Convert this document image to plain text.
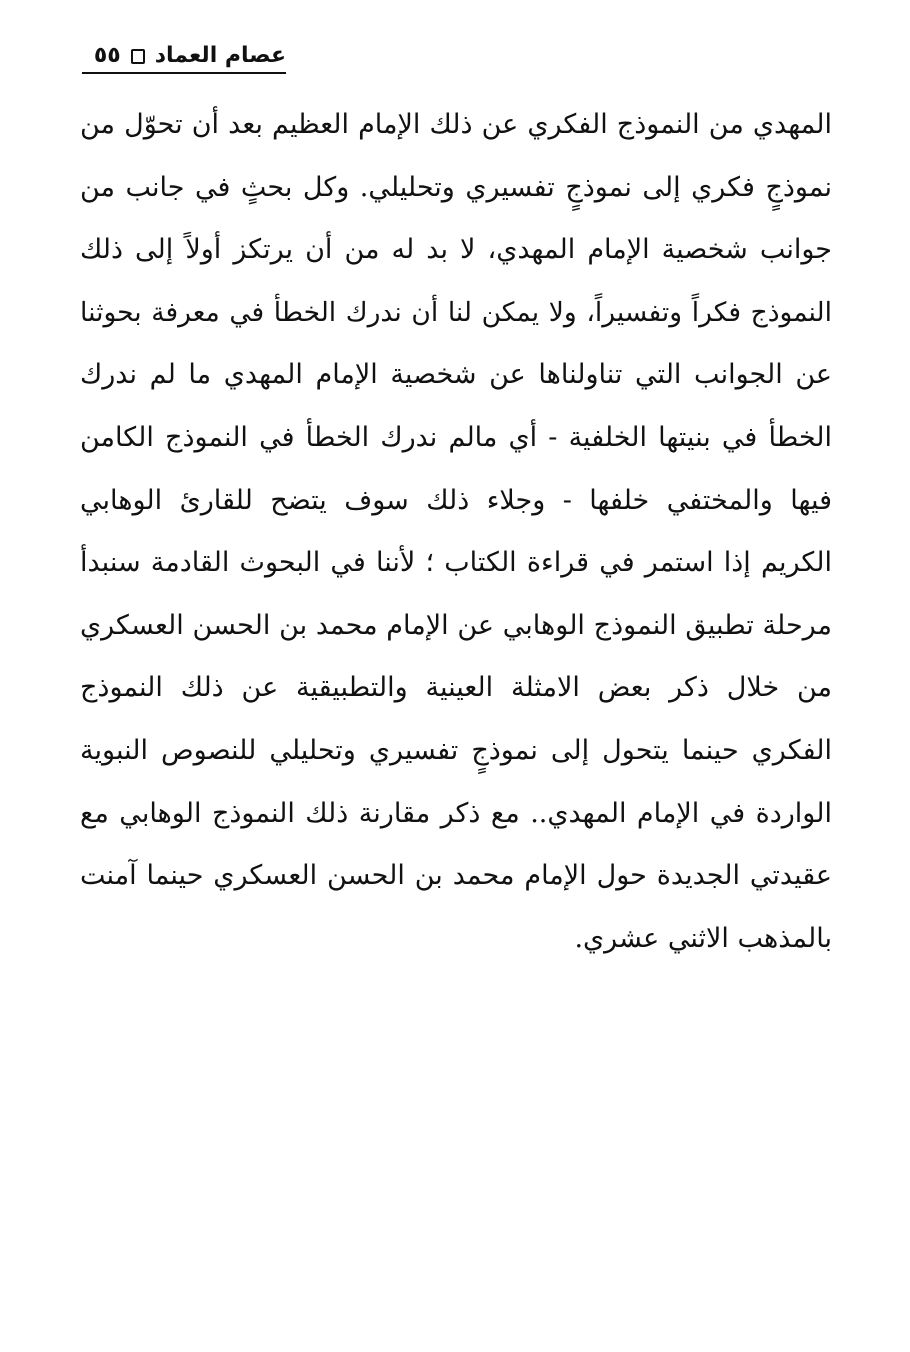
عصام العماد
٥٥
المهدي من النموذج الفكري عن ذلك الإمام العظيم بعد أن تحوّل من
نموذجٍ فكري إلى نموذجٍ تفسيري وتحليلي. وكل بحثٍ في جانب من
جوانب شخصية الإمام المهدي، لا بد له من أن يرتكز أولاً إلى ذلك
النموذج فكراً وتفسيراً، ولا يمكن لنا أن ندرك الخطأ في معرفة بحوثنا
عن الجوانب التي تناولناها عن شخصية الإمام المهدي ما لم ندرك
الخطأ في بنيتها الخلفية - أي مالم ندرك الخطأ في النموذج الكامن
فيها والمختفي خلفها - وجلاء ذلك سوف يتضح للقارئ الوهابي
الكريم إذا استمر في قراءة الكتاب ؛ لأننا في البحوث القادمة سنبدأ
مرحلة تطبيق النموذج الوهابي عن الإمام محمد بن الحسن العسكري
من خلال ذكر بعض الامثلة العينية والتطبيقية عن ذلك النموذج
الفكري حينما يتحول إلى نموذجٍ تفسيري وتحليلي للنصوص النبوية
الواردة في الإمام المهدي.. مع ذكر مقارنة ذلك النموذج الوهابي مع
عقيدتي الجديدة حول الإمام محمد بن الحسن العسكري حينما آمنت
بالمذهب الاثني عشري.
